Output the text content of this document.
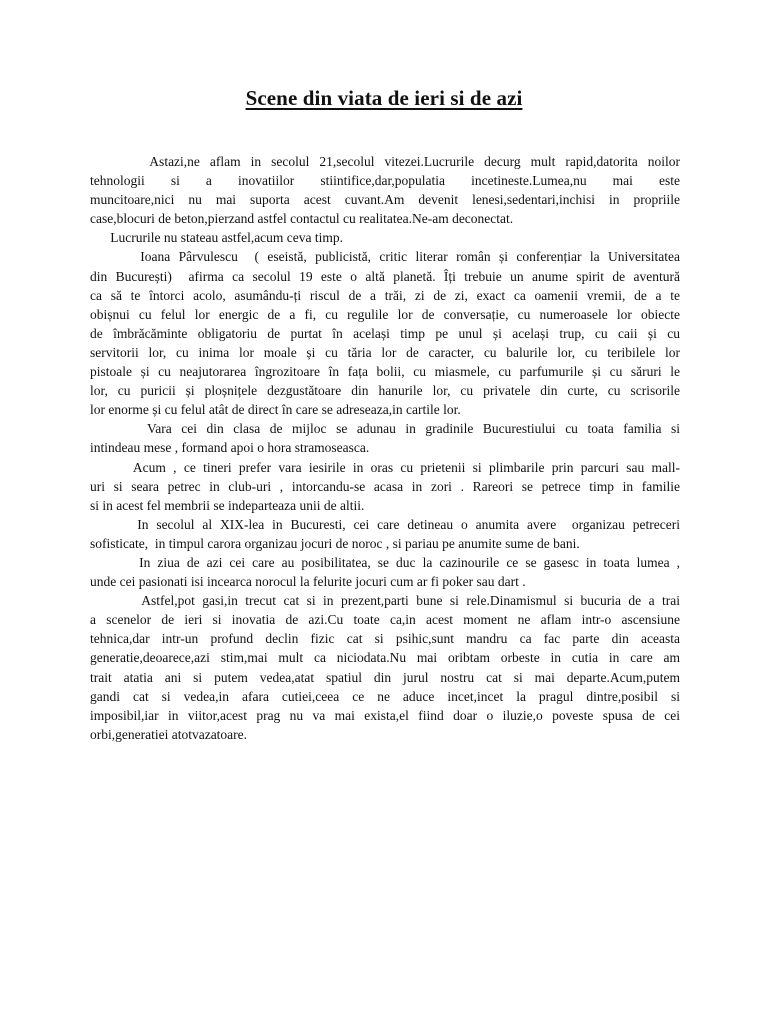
Scene din viata de ieri si de azi
Astazi,ne aflam in secolul 21,secolul vitezei.Lucrurile decurg mult rapid,datorita noilor
tehnologii si a inovatiilor stiintifice,dar,populatia incetineste.Lumea,nu mai este
muncitoare,nici nu mai suporta acest cuvant.Am devenit lenesi,sedentari,inchisi in propriile
case,blocuri de beton,pierzand astfel contactul cu realitatea.Ne-am deconectat.
Lucrurile nu stateau astfel,acum ceva timp.
Ioana Pârvulescu  ( eseistă, publicistă, critic literar român și conferențiar la Universitatea
din București)  afirma ca secolul 19 este o altă planetă. Îți trebuie un anume spirit de aventură
ca să te întorci acolo, asumându-ți riscul de a trăi, zi de zi, exact ca oamenii vremii, de a te
obișnui cu felul lor energic de a fi, cu regulile lor de conversație, cu numeroasele lor obiecte
de îmbrăcăminte obligatoriu de purtat în același timp pe unul și același trup, cu caii și cu
servitorii lor, cu inima lor moale și cu tăria lor de caracter, cu balurile lor, cu teribilele lor
pistoale și cu neajutorarea îngrozitoare în fața bolii, cu miasmele, cu parfumurile și cu săruri le
lor, cu puricii și ploșnițele dezgustătoare din hanurile lor, cu privatele din curte, cu scrisorile
lor enorme și cu felul atât de direct în care se adreseaza,in cartile lor.
Vara cei din clasa de mijloc se adunau in gradinile Bucurestiului cu toata familia si
intindeau mese , formand apoi o hora stramoseasca.
Acum , ce tineri prefer vara iesirile in oras cu prietenii si plimbarile prin parcuri sau mall-
uri si seara petrec in club-uri , intorcandu-se acasa in zori . Rareori se petrece timp in familie
si in acest fel membrii se indeparteaza unii de altii.
In secolul al XIX-lea in Bucuresti, cei care detineau o anumita avere  organizau petreceri
sofisticate,  in timpul carora organizau jocuri de noroc , si pariau pe anumite sume de bani.
In ziua de azi cei care au posibilitatea, se duc la cazinourile ce se gasesc in toata lumea ,
unde cei pasionati isi incearca norocul la felurite jocuri cum ar fi poker sau dart .
Astfel,pot gasi,in trecut cat si in prezent,parti bune si rele.Dinamismul si bucuria de a trai
a scenelor de ieri si inovatia de azi.Cu toate ca,in acest moment ne aflam intr-o ascensiune
tehnica,dar intr-un profund declin fizic cat si psihic,sunt mandru ca fac parte din aceasta
generatie,deoarece,azi stim,mai mult ca niciodata.Nu mai oribtam orbeste in cutia in care am
trait atatia ani si putem vedea,atat spatiul din jurul nostru cat si mai departe.Acum,putem
gandi cat si vedea,in afara cutiei,ceea ce ne aduce incet,incet la pragul dintre,posibil si
imposibil,iar in viitor,acest prag nu va mai exista,el fiind doar o iluzie,o poveste spusa de cei
orbi,generatiei atotvazatoare.
